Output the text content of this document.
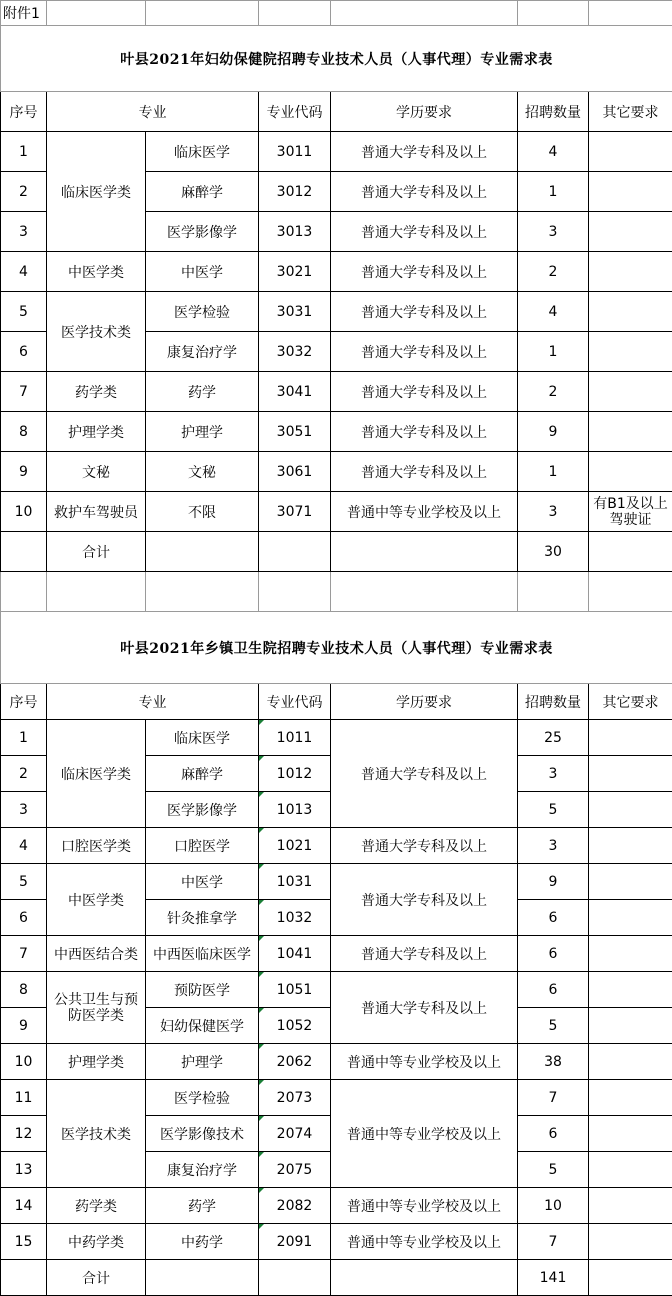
附件1						
叶县2021年妇幼保健院招聘专业技术人员（人事代理）专业需求表						
序号	专业		专业代码	学历要求	招聘数量	其它要求
1	临床医学类	临床医学	3011	普通大学专科及以上	4	
2		麻醉学	3012	普通大学专科及以上	1	
3		医学影像学	3013	普通大学专科及以上	3	
4	中医学类	中医学	3021	普通大学专科及以上	2	
5	医学技术类	医学检验	3031	普通大学专科及以上	4	
6		康复治疗学	3032	普通大学专科及以上	1	
7	药学类	药学	3041	普通大学专科及以上	2	
8	护理学类	护理学	3051	普通大学专科及以上	9	
9	文秘	文秘	3061	普通大学专科及以上	1	
10	救护车驾驶员	不限	3071	普通中等专业学校及以上	3	有B1及以上驾驶证
	合计				30	

叶县2021年乡镇卫生院招聘专业技术人员（人事代理）专业需求表						
序号	专业		专业代码	学历要求	招聘数量	其它要求
1	临床医学类	临床医学	1011	普通大学专科及以上	25	
2		麻醉学	1012		3	
3		医学影像学	1013		5	
4	口腔医学类	口腔医学	1021	普通大学专科及以上	3	
5	中医学类	中医学	1031	普通大学专科及以上	9	
6		针灸推拿学	1032		6	
7	中西医结合类	中西医临床医学	1041	普通大学专科及以上	6	
8	公共卫生与预防医学类	预防医学	1051	普通大学专科及以上	6	
9		妇幼保健医学	1052		5	
10	护理学类	护理学	2062	普通中等专业学校及以上	38	
11	医学技术类	医学检验	2073	普通中等专业学校及以上	7	
12		医学影像技术	2074		6	
13		康复治疗学	2075		5	
14	药学类	药学	2082	普通中等专业学校及以上	10	
15	中药学类	中药学	2091	普通中等专业学校及以上	7	
	合计				141	
